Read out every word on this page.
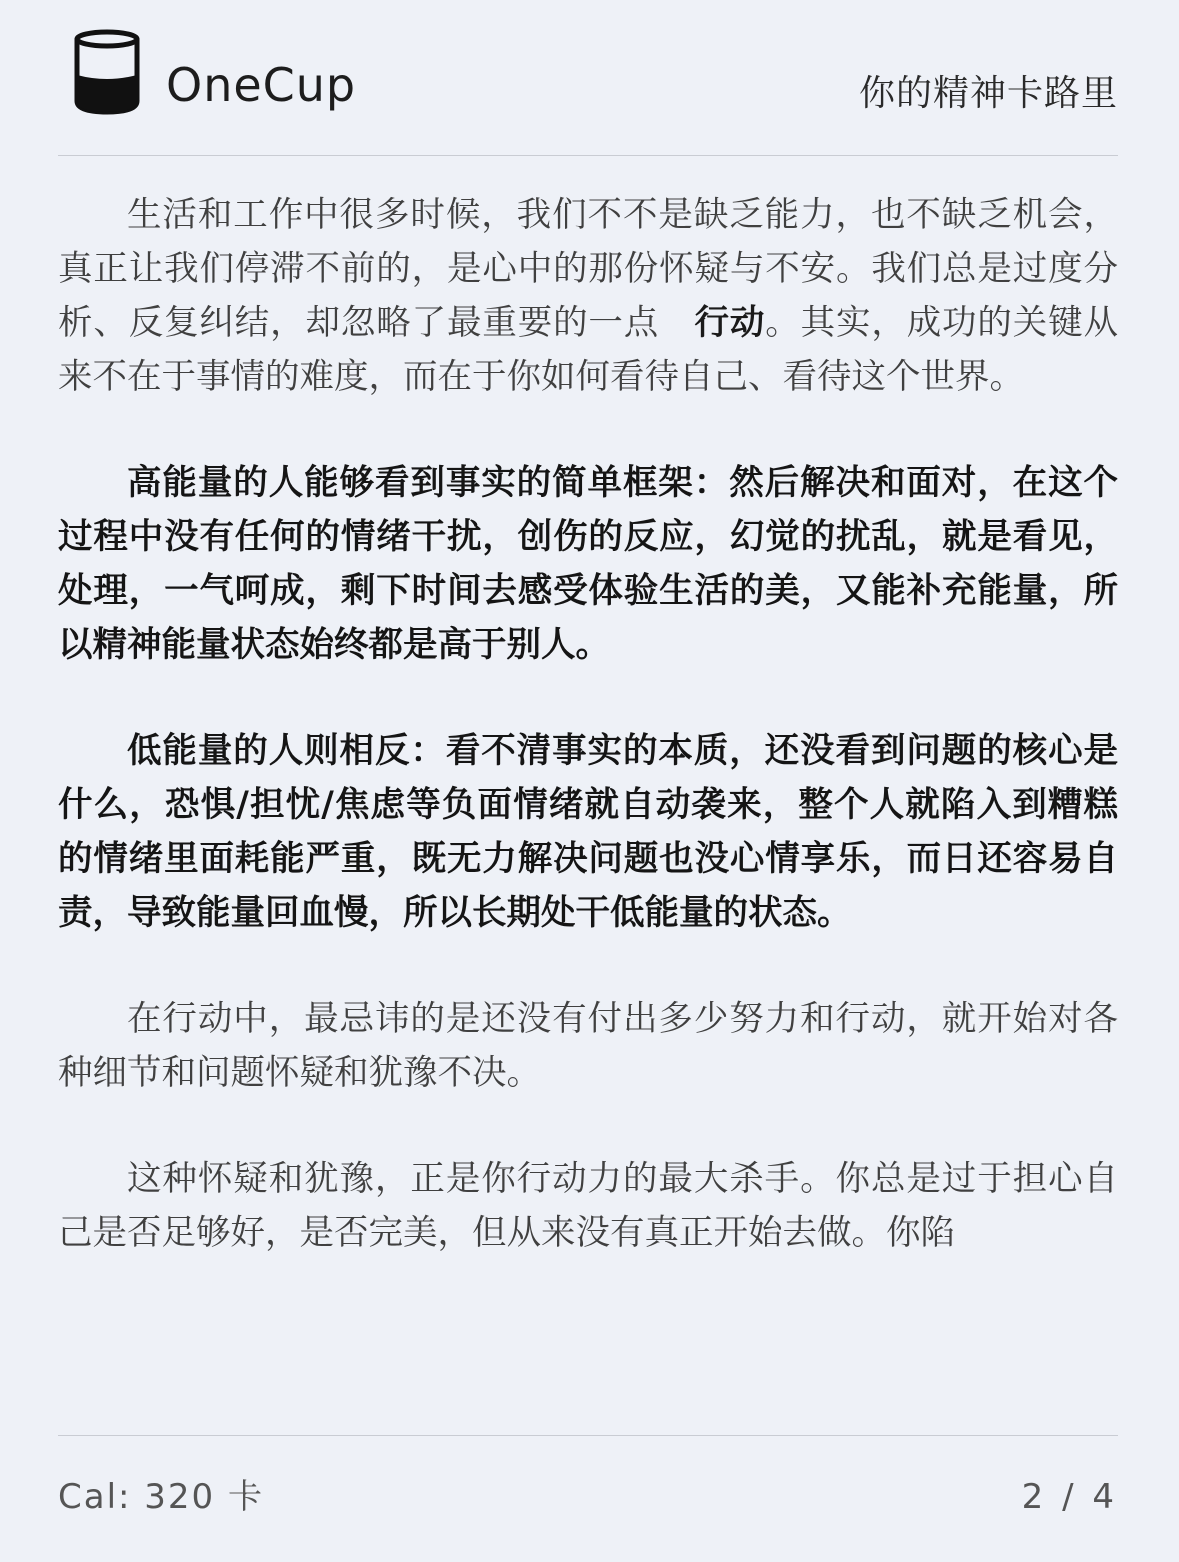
OneCup	你的精神卡路里

生活和工作中很多时候，我们不不是缺乏能力，也不缺乏机会，真正让我们停滞不前的，是心中的那份怀疑与不安。我们总是过度分析、反复纠结，却忽略了最重要的一点　行动。其实，成功的关键从来不在于事情的难度，而在于你如何看待自己、看待这个世界。

高能量的人能够看到事实的简单框架：然后解决和面对，在这个过程中没有任何的情绪干扰，创伤的反应，幻觉的扰乱，就是看见，处理，一气呵成，剩下时间去感受体验生活的美，又能补充能量，所以精神能量状态始终都是高于别人。

低能量的人则相反：看不清事实的本质，还没看到问题的核心是什么，恐惧/担忧/焦虑等负面情绪就自动袭来，整个人就陷入到糟糕的情绪里面耗能严重，既无力解决问题也没心情享乐，而日还容易自责，导致能量回血慢，所以长期处干低能量的状态。

在行动中，最忌讳的是还没有付出多少努力和行动，就开始对各种细节和问题怀疑和犹豫不决。

这种怀疑和犹豫，正是你行动力的最大杀手。你总是过于担心自己是否足够好，是否完美，但从来没有真正开始去做。你陷

Cal: 320 卡	2 / 4
